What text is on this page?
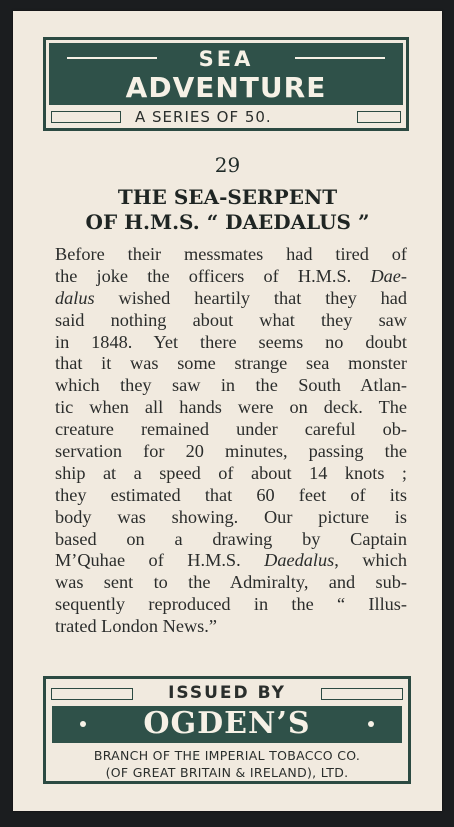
SEA
ADVENTURE
A SERIES OF 50.
29
THE SEA-SERPENT
OF H.M.S. “ DAEDALUS ”
Before their messmates had tired of
the joke the officers of H.M.S. Dae-
dalus wished heartily that they had
said nothing about what they saw
in 1848. Yet there seems no doubt
that it was some strange sea monster
which they saw in the South Atlan-
tic when all hands were on deck. The
creature remained under careful ob-
servation for 20 minutes, passing the
ship at a speed of about 14 knots ;
they estimated that 60 feet of its
body was showing. Our picture is
based on a drawing by Captain
M’Quhae of H.M.S. Daedalus, which
was sent to the Admiralty, and sub-
sequently reproduced in the “ Illus-
trated London News.”
ISSUED BY
OGDEN’S
BRANCH OF THE IMPERIAL TOBACCO CO.
(OF GREAT BRITAIN & IRELAND), LTD.
